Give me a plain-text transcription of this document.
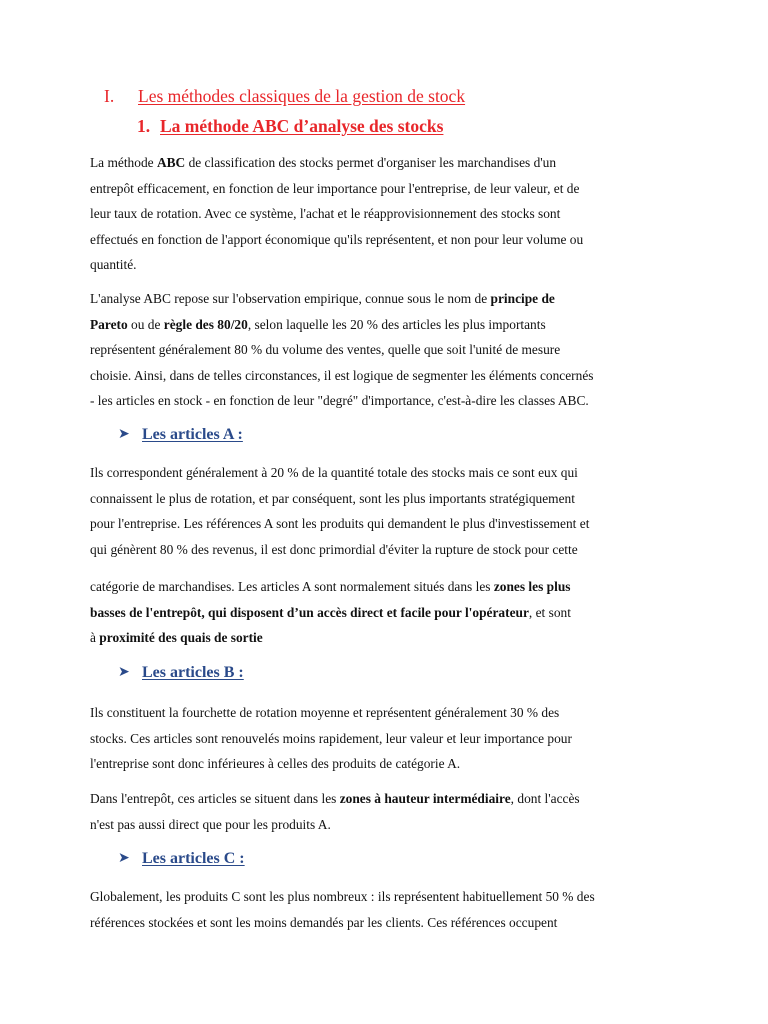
I. Les méthodes classiques de la gestion de stock
1. La méthode ABC d’analyse des stocks
La méthode ABC de classification des stocks permet d'organiser les marchandises d'un
entrepôt efficacement, en fonction de leur importance pour l'entreprise, de leur valeur, et de
leur taux de rotation. Avec ce système, l'achat et le réapprovisionnement des stocks sont
effectués en fonction de l'apport économique qu'ils représentent, et non pour leur volume ou
quantité.
L'analyse ABC repose sur l'observation empirique, connue sous le nom de principe de
Pareto ou de règle des 80/20, selon laquelle les 20 % des articles les plus importants
représentent généralement 80 % du volume des ventes, quelle que soit l'unité de mesure
choisie. Ainsi, dans de telles circonstances, il est logique de segmenter les éléments concernés
- les articles en stock - en fonction de leur "degré" d'importance, c'est-à-dire les classes ABC.
➤ Les articles A :
Ils correspondent généralement à 20 % de la quantité totale des stocks mais ce sont eux qui
connaissent le plus de rotation, et par conséquent, sont les plus importants stratégiquement
pour l'entreprise. Les références A sont les produits qui demandent le plus d'investissement et
qui génèrent 80 % des revenus, il est donc primordial d'éviter la rupture de stock pour cette
catégorie de marchandises. Les articles A sont normalement situés dans les zones les plus
basses de l'entrepôt, qui disposent d’un accès direct et facile pour l'opérateur, et sont
à proximité des quais de sortie
➤ Les articles B :
Ils constituent la fourchette de rotation moyenne et représentent généralement 30 % des
stocks. Ces articles sont renouvelés moins rapidement, leur valeur et leur importance pour
l'entreprise sont donc inférieures à celles des produits de catégorie A.
Dans l'entrepôt, ces articles se situent dans les zones à hauteur intermédiaire, dont l'accès
n'est pas aussi direct que pour les produits A.
➤ Les articles C :
Globalement, les produits C sont les plus nombreux : ils représentent habituellement 50 % des
références stockées et sont les moins demandés par les clients. Ces références occupent
